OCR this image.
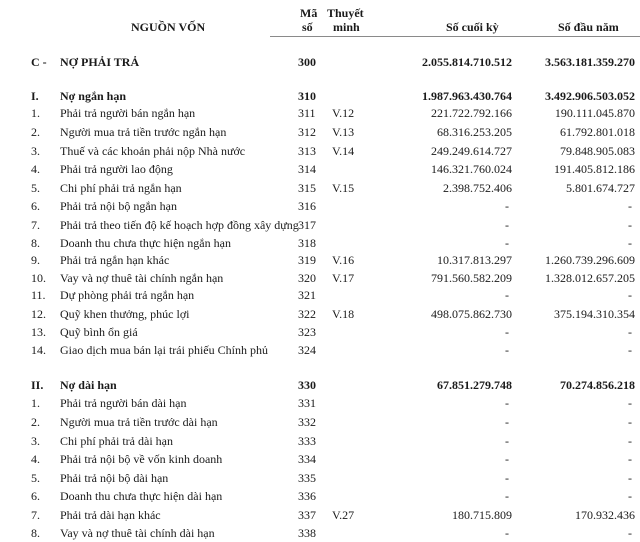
NGUỒN VỐN
Mã
số
Thuyết
minh	Số cuối kỳ	Số đầu năm
C - NỢ PHẢI TRẢ	300	2.055.814.710.512	3.563.181.359.270
I. Nợ ngắn hạn	310	1.987.963.430.764	3.492.906.503.052
1. Phải trả người bán ngắn hạn	311 V.12	221.722.792.166	190.111.045.870
2. Người mua trả tiền trước ngắn hạn	312 V.13	68.316.253.205	61.792.801.018
3. Thuế và các khoản phải nộp Nhà nước	313 V.14	249.249.614.727	79.848.905.083
4. Phải trả người lao động	314	146.321.760.024	191.405.812.186
5. Chi phí phải trả ngắn hạn	315 V.15	2.398.752.406	5.801.674.727
6. Phải trả nội bộ ngắn hạn	316	-	-
7. Phải trả theo tiến độ kế hoạch hợp đồng xây dựng 317	-	-
8. Doanh thu chưa thực hiện ngắn hạn	318	-	-
9. Phải trả ngắn hạn khác	319 V.16	10.317.813.297	1.260.739.296.609
10. Vay và nợ thuê tài chính ngắn hạn	320 V.17	791.560.582.209	1.328.012.657.205
11. Dự phòng phải trả ngắn hạn	321	-	-
12. Quỹ khen thưởng, phúc lợi	322 V.18	498.075.862.730	375.194.310.354
13. Quỹ bình ổn giá	323	-	-
14. Giao dịch mua bán lại trái phiếu Chính phủ	324	-	-
II. Nợ dài hạn	330	67.851.279.748	70.274.856.218
1. Phải trả người bán dài hạn	331	-	-
2. Người mua trả tiền trước dài hạn	332	-	-
3. Chi phí phải trả dài hạn	333	-	-
4. Phải trả nội bộ về vốn kinh doanh	334	-	-
5. Phải trả nội bộ dài hạn	335	-	-
6. Doanh thu chưa thực hiện dài hạn	336	-	-
7. Phải trả dài hạn khác	337 V.27	180.715.809	170.932.436
8. Vay và nợ thuê tài chính dài hạn	338	-	-
